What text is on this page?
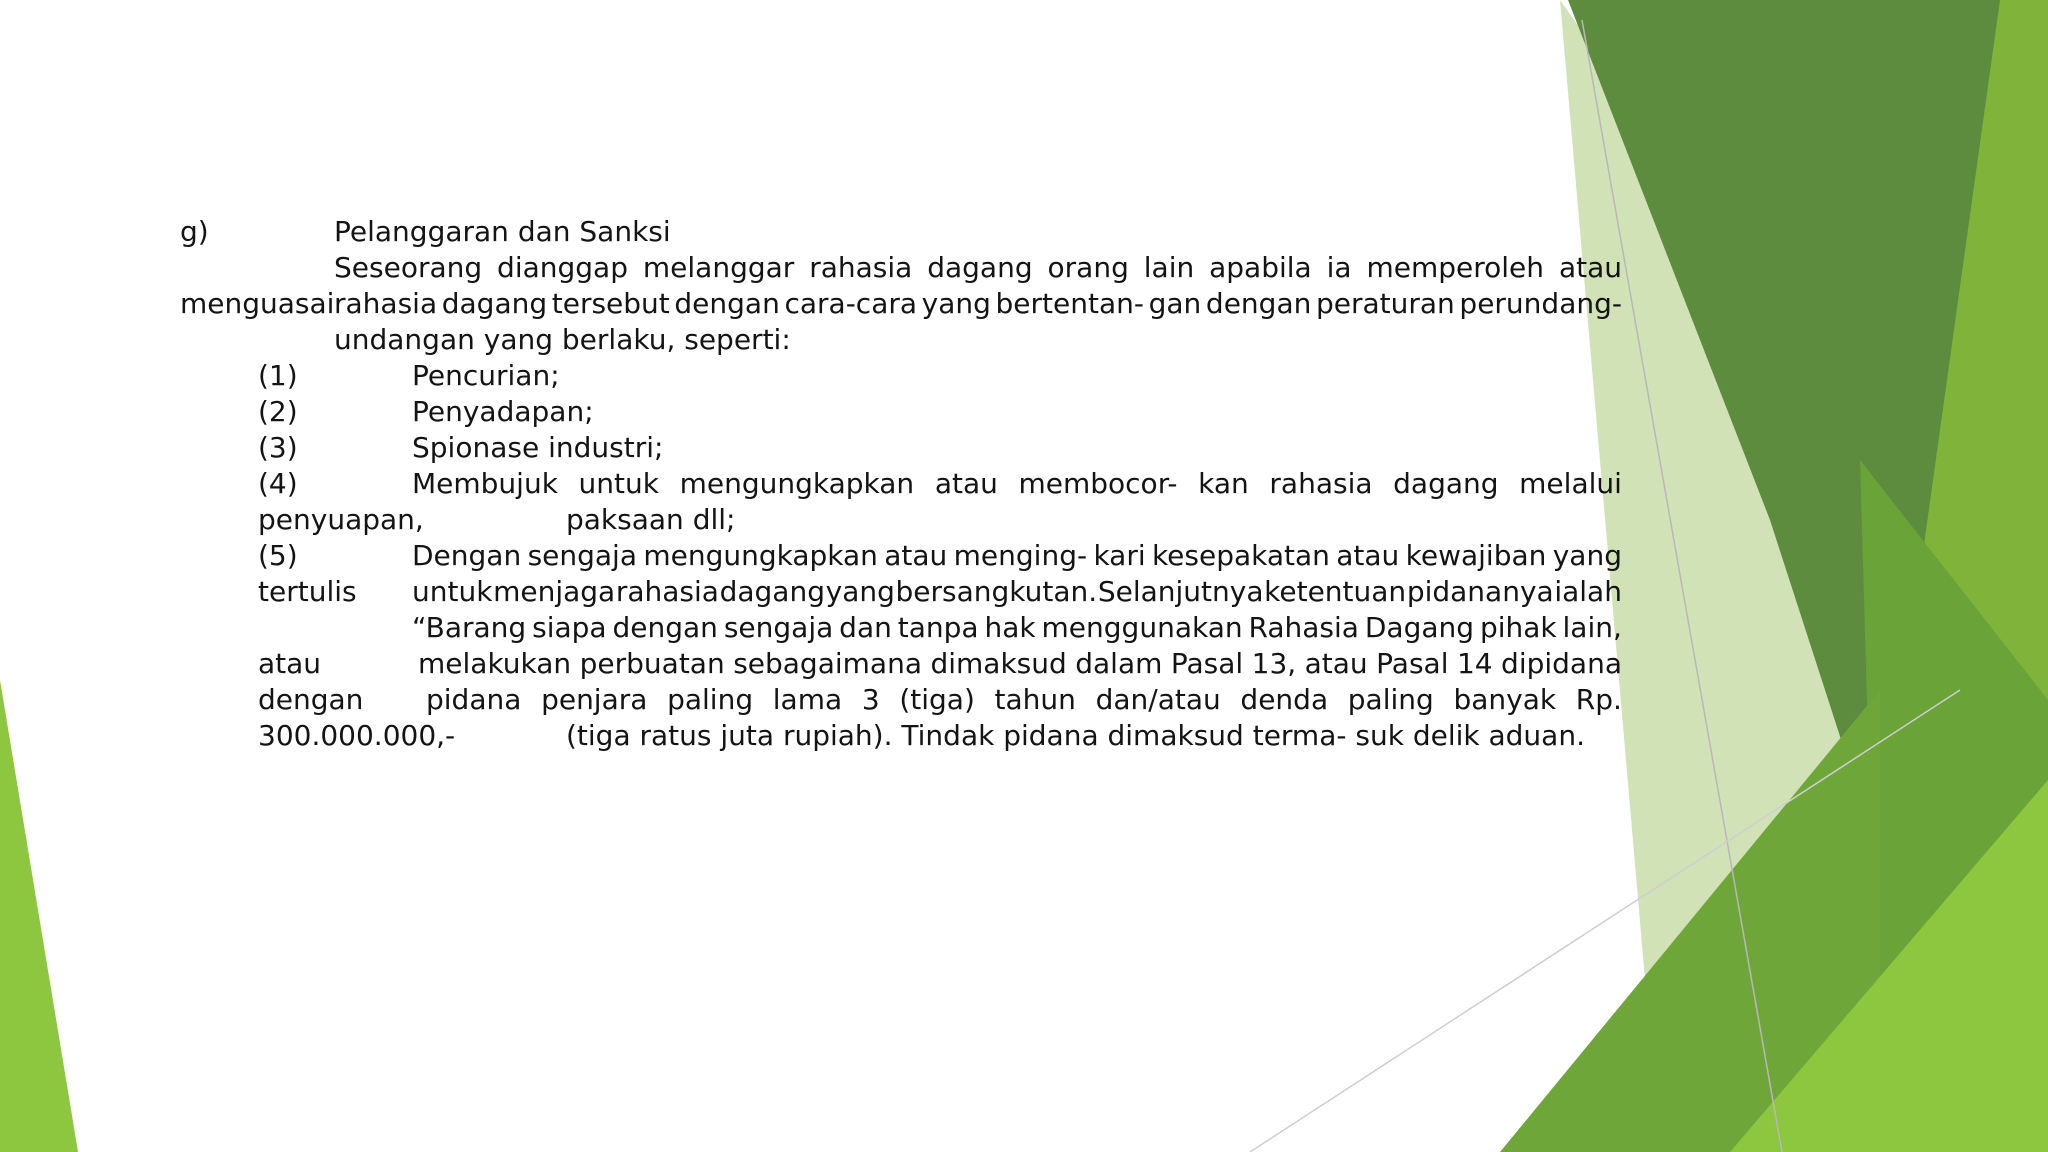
g)	Pelanggaran dan Sanksi
Seseorang dianggap melanggar rahasia dagang orang lain apabila ia memperoleh atau
menguasai rahasia dagang tersebut dengan cara-cara yang bertentan- gan dengan peraturan perundang-
undangan yang berlaku, seperti:
(1)	Pencurian;
(2)	Penyadapan;
(3)	Spionase industri;
(4)	Membujuk untuk mengungkapkan atau membocor- kan rahasia dagang melalui
penyuapan,	paksaan dll;
(5)	Dengan sengaja mengungkapkan atau menging- kari kesepakatan atau kewajiban yang
tertulis	untuk menjaga rahasia dagang yang bersangkutan. Selanjutnya ketentuan pidananya ialah
“Barang siapa dengan sengaja dan tanpa hak menggunakan Rahasia Dagang pihak lain,
atau	melakukan perbuatan sebagaimana dimaksud dalam Pasal 13, atau Pasal 14 dipidana
dengan	pidana penjara paling lama 3 (tiga) tahun dan/atau denda paling banyak Rp.
300.000.000,-	(tiga ratus juta rupiah). Tindak pidana dimaksud terma- suk delik aduan.
